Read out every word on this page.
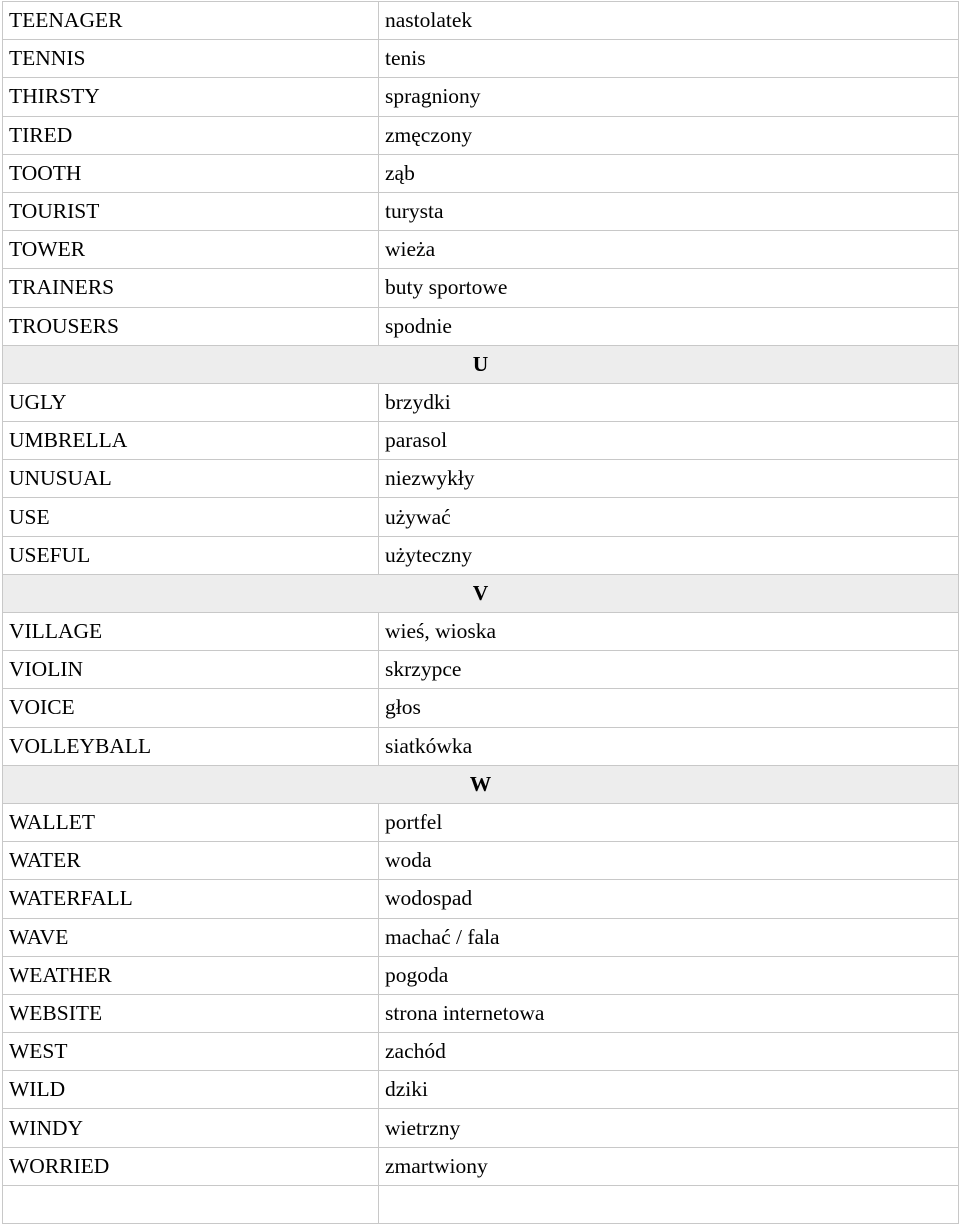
TEENAGER	nastolatek
TENNIS	tenis
THIRSTY	spragniony
TIRED	zmęczony
TOOTH	ząb
TOURIST	turysta
TOWER	wieża
TRAINERS	buty sportowe
TROUSERS	spodnie
U	
UGLY	brzydki
UMBRELLA	parasol
UNUSUAL	niezwykły
USE	używać
USEFUL	użyteczny
V	
VILLAGE	wieś, wioska
VIOLIN	skrzypce
VOICE	głos
VOLLEYBALL	siatkówka
W	
WALLET	portfel
WATER	woda
WATERFALL	wodospad
WAVE	machać / fala
WEATHER	pogoda
WEBSITE	strona internetowa
WEST	zachód
WILD	dziki
WINDY	wietrzny
WORRIED	zmartwiony
